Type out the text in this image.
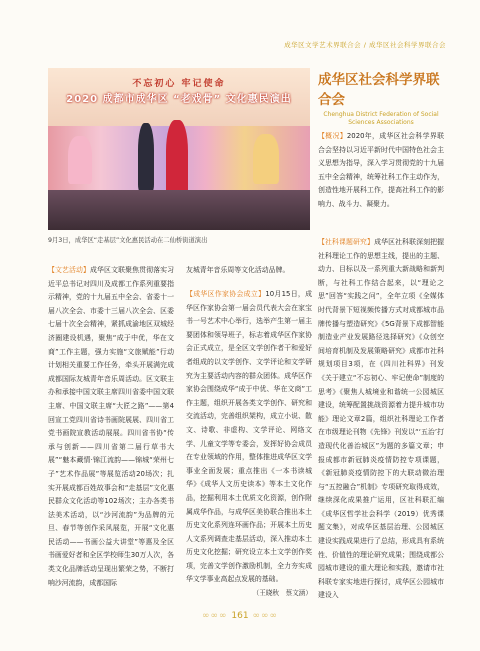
成华区文学艺术界联合会 / 成华区社会科学界联合会
不忘初心 牢记使命
2020 成都市成华区 “老戏骨” 文化惠民演出
9月3日，成华区“走基层”文化惠民活动在二仙桥街道演出
成华区社会科学界联合会
Chenghua District Federation of Social Sciences Associations
【概况】2020年，成华区社会科学界联合会坚持以习近平新时代中国特色社会主义思想为指导，深入学习贯彻党的十九届五中全会精神，统筹社科工作主动作为，创造性地开展科工作，提高社科工作的影响力、战斗力、凝聚力。
【社科课题研究】成华区社科联深刻把握社科理论工作的思想主线，提出的主题、动力、目标以及一系列重大新战略和新判断，与社科工作结合起来，以“理论之思”回答“实践之问”，全年立项《全媒体时代背景下短视频传播方式对成都城市品牌传播与塑造研究》《5G背景下成都智能制造业产业发展路径选择研究》《众创空间培育机制及发展策略研究》成都市社科规划项目3项，在《四川社科界》刊发《关于建立“不忘初心、牢记使命”制度的思考》《聚焦人城境业和谐统一公园城区建设，统筹配置挑战资源着力提升城市功能》理论文章2篇，组织社科理论工作者在市级理论刊物《先锋》刊发以“‘五治’打造现代化善治城区”为题的多篇文章；申报成都市新冠肺炎疫情防控专项课题，《新冠肺炎疫情防控下的大联动微治理与“五控融合”机制》专项研究取得成效，继续深化成果推广运用，区社科联汇编《成华区哲学社会科学（2019）优秀课题文集》，对成华区基层治理、公园城区建设实践成果进行了总结，形成具有系统性、价值性的理论研究成果；围绕成都公园城市建设的重大理论和实践，邀请市社科联专家实地进行探讨，成华区公园城市建设入
【文艺活动】成华区文联聚焦贯彻落实习近平总书记对四川及成都工作系列重要指示精神，党的十九届五中全会、省委十一届八次全会、市委十三届八次全会、区委七届十次全会精神，紧抓成渝地区双城经济圈建设机遇，聚焦“成于中优，华在文商”工作主题，强力实施“文旅赋能”行动计划相关重要工作任务，牵头开展满完成成都国际友城青年音乐周活动。区文联主办和承接中国文联主席四川省委中国文联主席、中国文联主席“大匠之路”——第4回宣工党四川省诗书画院展展、四川省工党书画院宣教活动展展。四川省书协“传承与创新——四川省第二届行草书大展”“魅本藏情·锦江流韵——锦城“荣州七子”艺术作品展”等展览活动20场次；扎实开展成都百姓故事会和“走基层”文化惠民群众文化活动等102场次；主办各类书法美术活动，以“沙河流韵”为品牌的元旦、春节等创作采风展览，开展“文化惠民活动——书画公益大讲堂”等惠及全区书画爱好者和全区学校师生30万人次，各类文化品牌活动呈现出繁荣之势，不断打响沙河流韵，成都国际
友城青年音乐周等文化活动品牌。
【成华区作家协会成立】10月15日，成华区作家协会第一届会员代表大会在家宝书一号艺术中心举行，选举产生第一届主要团体和领导班子，标志着成华区作家协会正式成立，是全区文学创作者干和爱好者组成的以文学创作、文学评论和文学研究为主要活动内容的群众团体。成华区作家协会围绕成华“成于中优、华在文商”工作主题，组织开展各类文学创作、研究和交流活动，完善组织架构，成立小说、散文、诗歌、非虚构、文学评论、网络文学、儿童文学等专委会，发挥好协会成员在专业领域的作用，整体推进成华区文学事业全面发展；重点推出《一本书读城华》《成华人文历史读本》等本土文化作品，挖掘利用本土优质文化资源，创作附属成华作品，与成华区美协联合推出本土历史文化系列连环画作品；开展本土历史人文系列调查走基层活动，深入推动本土历史文化挖掘；研究设立本土文学创作奖项，完善文学创作激励机制，全力夯实成华文学事业高起点发展的基础。
（王晓秋　蔡文涵）
∞∞∞ 161 ∞∞∞
